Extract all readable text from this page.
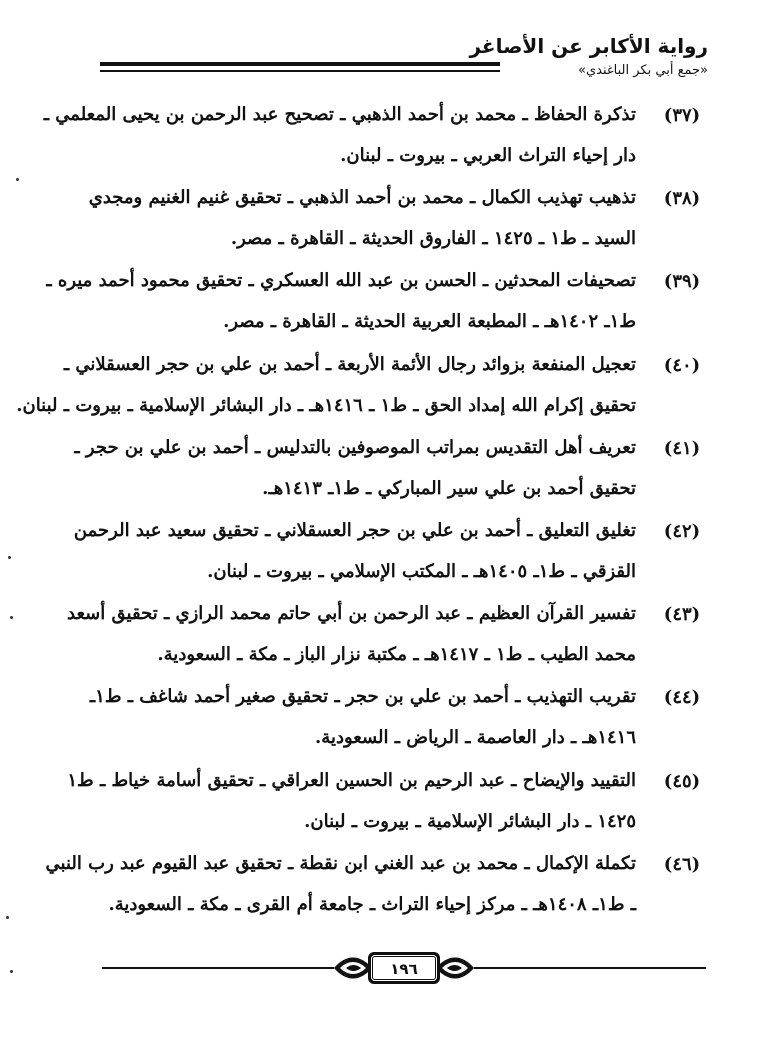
رواية الأكابر عن الأصاغر
«جمع أبي بكر الباغندي»
(٣٧)
تذكرة الحفاظ ـ محمد بن أحمد الذهبي ـ تصحيح عبد الرحمن بن يحيى المعلمي ـ
دار إحياء التراث العربي ـ بيروت ـ لبنان.
(٣٨)
تذهيب تهذيب الكمال ـ محمد بن أحمد الذهبي ـ تحقيق غنيم الغنيم ومجدي
السيد ـ ط١ ـ ١٤٢٥ ـ الفاروق الحديثة ـ القاهرة ـ مصر.
(٣٩)
تصحيفات المحدثين ـ الحسن بن عبد الله العسكري ـ تحقيق محمود أحمد ميره ـ
ط١ـ ١٤٠٢هـ ـ المطبعة العربية الحديثة ـ القاهرة ـ مصر.
(٤٠)
تعجيل المنفعة بزوائد رجال الأئمة الأربعة ـ أحمد بن علي بن حجر العسقلاني ـ
تحقيق إكرام الله إمداد الحق ـ ط١ ـ ١٤١٦هـ ـ دار البشائر الإسلامية ـ بيروت ـ لبنان.
(٤١)
تعريف أهل التقديس بمراتب الموصوفين بالتدليس ـ أحمد بن علي بن حجر ـ
تحقيق أحمد بن علي سير المباركي ـ ط١ـ ١٤١٣هـ.
(٤٢)
تغليق التعليق ـ أحمد بن علي بن حجر العسقلاني ـ تحقيق سعيد عبد الرحمن
القزقي ـ ط١ـ ١٤٠٥هـ ـ المكتب الإسلامي ـ بيروت ـ لبنان.
(٤٣)
تفسير القرآن العظيم ـ عبد الرحمن بن أبي حاتم محمد الرازي ـ تحقيق أسعد
محمد الطيب ـ ط١ ـ ١٤١٧هـ ـ مكتبة نزار الباز ـ مكة ـ السعودية.
(٤٤)
تقريب التهذيب ـ أحمد بن علي بن حجر ـ تحقيق صغير أحمد شاغف ـ ط١ـ
١٤١٦هـ ـ دار العاصمة ـ الرياض ـ السعودية.
(٤٥)
التقييد والإيضاح ـ عبد الرحيم بن الحسين العراقي ـ تحقيق أسامة خياط ـ ط١
١٤٢٥ ـ دار البشائر الإسلامية ـ بيروت ـ لبنان.
(٤٦)
تكملة الإكمال ـ محمد بن عبد الغني ابن نقطة ـ تحقيق عبد القيوم عبد رب النبي
ـ ط١ـ ١٤٠٨هـ ـ مركز إحياء التراث ـ جامعة أم القرى ـ مكة ـ السعودية.
١٩٦
